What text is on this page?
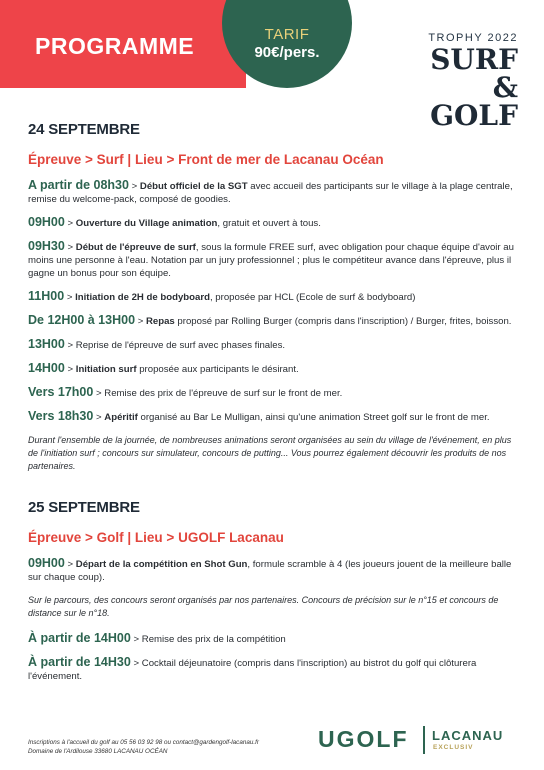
PROGRAMME	TARIF
90€/pers.
TROPHY 2022
SURF
& GOLF
24 SEPTEMBRE
Épreuve > Surf | Lieu > Front de mer de Lacanau Océan
A partir de 08h30 > Début officiel de la SGT avec accueil des participants sur le village à la plage centrale, remise du welcome-pack, composé de goodies.
09H00 > Ouverture du Village animation, gratuit et ouvert à tous.
09H30 > Début de l'épreuve de surf, sous la formule FREE surf, avec obligation pour chaque équipe d'avoir au moins une personne à l'eau. Notation par un jury professionnel ; plus le compétiteur avance dans l'épreuve, plus il gagne un bonus pour son équipe.
11H00 > Initiation de 2H de bodyboard, proposée par HCL (Ecole de surf & bodyboard)
De 12H00 à 13H00 > Repas proposé par Rolling Burger (compris dans l'inscription) / Burger, frites, boisson.
13H00 > Reprise de l'épreuve de surf avec phases finales.
14H00 > Initiation surf proposée aux participants le désirant.
Vers 17h00 > Remise des prix de l'épreuve de surf sur le front de mer.
Vers 18h30 > Apéritif organisé au Bar Le Mulligan, ainsi qu'une animation Street golf sur le front de mer.
Durant l'ensemble de la journée, de nombreuses animations seront organisées au sein du village de l'événement, en plus de l'initiation surf ; concours sur simulateur, concours de putting... Vous pourrez également découvrir les produits de nos partenaires.
25 SEPTEMBRE
Épreuve > Golf | Lieu > UGOLF Lacanau
09H00 > Départ de la compétition en Shot Gun, formule scramble à 4 (les joueurs jouent de la meilleure balle sur chaque coup).
Sur le parcours, des concours seront organisés par nos partenaires. Concours de précision sur le n°15 et concours de distance sur le n°18.
À partir de 14H00 > Remise des prix de la compétition
À partir de 14H30 > Cocktail déjeunatoire (compris dans l'inscription) au bistrot du golf qui clôturera l'événement.
Inscriptions à l'accueil du golf au 05 56 03 92 98 ou contact@gardengolf-lacanau.fr
Domaine de l'Ardilouse 33680 LACANAU OCÉAN	UGOLF LACANAU
EXCLUSIV
